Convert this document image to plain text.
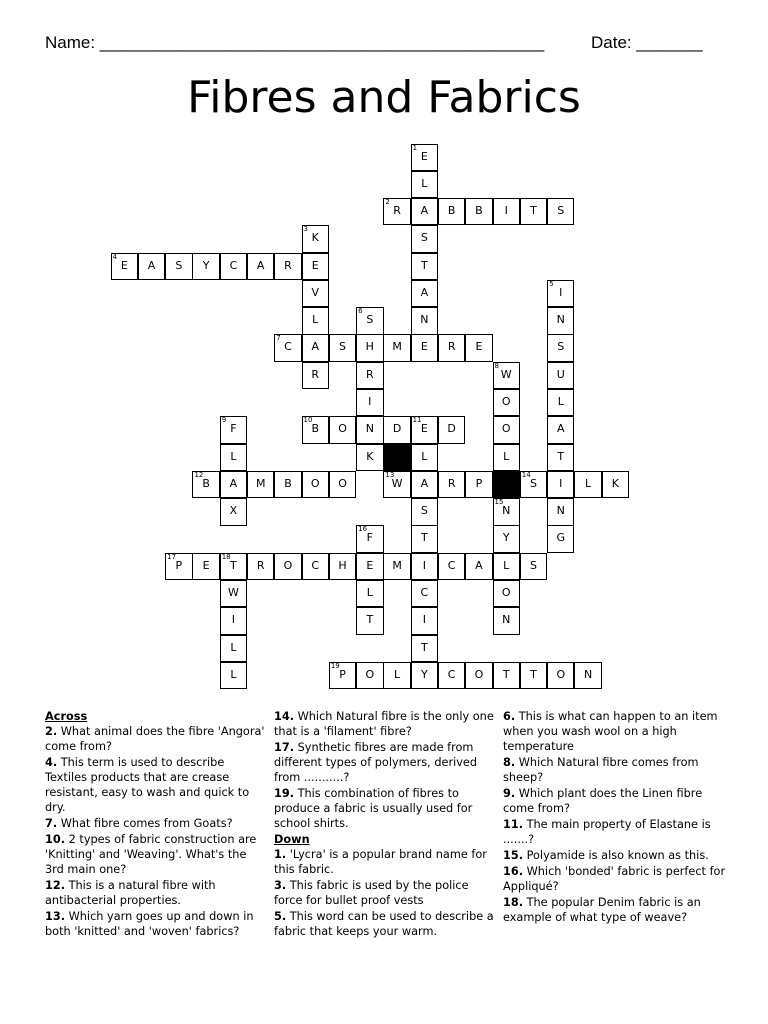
Name: _______________________________________________	Date: _______
Fibres and Fabrics
1
E
L
2
R	A	B	B	I	T	S
3
K	S
4
E	A	S	Y	C	A	R	E	T
V	A
5
I
L
6
S	N	N
7
C	A	S	H	M	E	R	E	S
R	R
8
W	U
I	O	L
9
F
10
B	O	N	D
11
E	D	O	A
L	K	L	L	T
12
B	A	M	B	O	O
13
W	A	R	P
14
S	I	L	K
X	S
15
N	N
16
F	T	Y	G
17
P	E
18
T	R	O	C	H	E	M	I	C	A	L	S
W	L	C	O
I	T	I	N
L	T
L
19
P	O	L	Y	C	O	T	T	O	N
Across
2. What animal does the fibre 'Angora' come from?
4. This term is used to describe Textiles products that are crease resistant, easy to wash and quick to dry.
7. What fibre comes from Goats?
10. 2 types of fabric construction are 'Knitting' and 'Weaving'. What's the 3rd main one?
12. This is a natural fibre with antibacterial properties.
13. Which yarn goes up and down in both 'knitted' and 'woven' fabrics?
14. Which Natural fibre is the only one that is a 'filament' fibre?
17. Synthetic fibres are made from different types of polymers, derived from ...........?
19. This combination of fibres to produce a fabric is usually used for school shirts.
Down
1. 'Lycra' is a popular brand name for this fabric.
3. This fabric is used by the police force for bullet proof vests
5. This word can be used to describe a fabric that keeps your warm.
6. This is what can happen to an item when you wash wool on a high temperature
8. Which Natural fibre comes from sheep?
9. Which plant does the Linen fibre come from?
11. The main property of Elastane is .......?
15. Polyamide is also known as this.
16. Which 'bonded' fabric is perfect for Appliqué?
18. The popular Denim fabric is an example of what type of weave?
